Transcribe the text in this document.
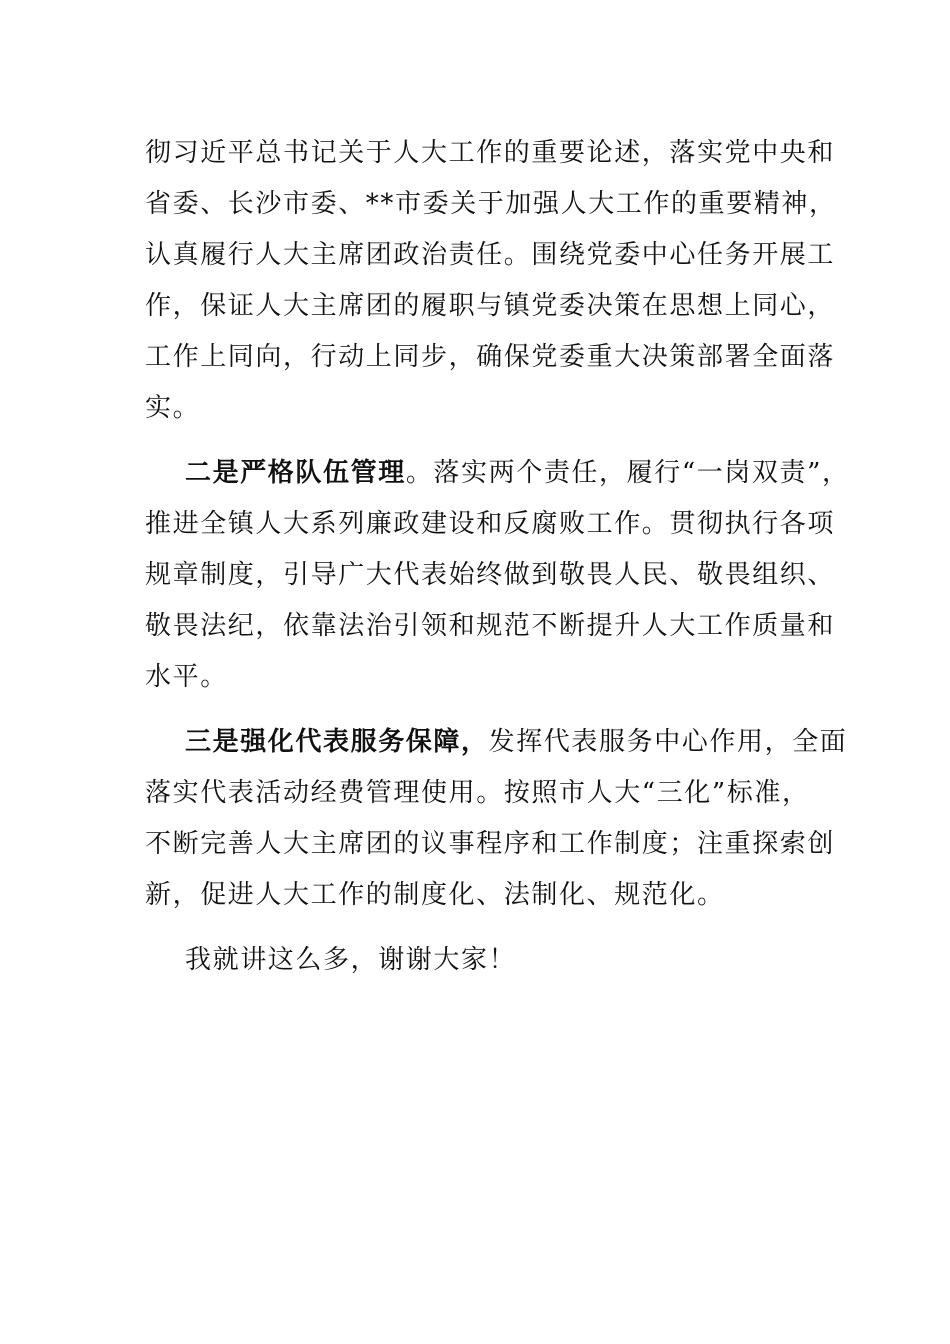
彻习近平总书记关于人大工作的重要论述，落实党中央和
省委、长沙市委、**市委关于加强人大工作的重要精神，
认真履行人大主席团政治责任。围绕党委中心任务开展工
作，保证人大主席团的履职与镇党委决策在思想上同心，
工作上同向，行动上同步，确保党委重大决策部署全面落
实。
二是严格队伍管理。落实两个责任，履行“一岗双责”，
推进全镇人大系列廉政建设和反腐败工作。贯彻执行各项
规章制度，引导广大代表始终做到敬畏人民、敬畏组织、
敬畏法纪，依靠法治引领和规范不断提升人大工作质量和
水平。
三是强化代表服务保障，发挥代表服务中心作用，全面
落实代表活动经费管理使用。按照市人大“三化”标准，
不断完善人大主席团的议事程序和工作制度；注重探索创
新，促进人大工作的制度化、法制化、规范化。
我就讲这么多，谢谢大家！
